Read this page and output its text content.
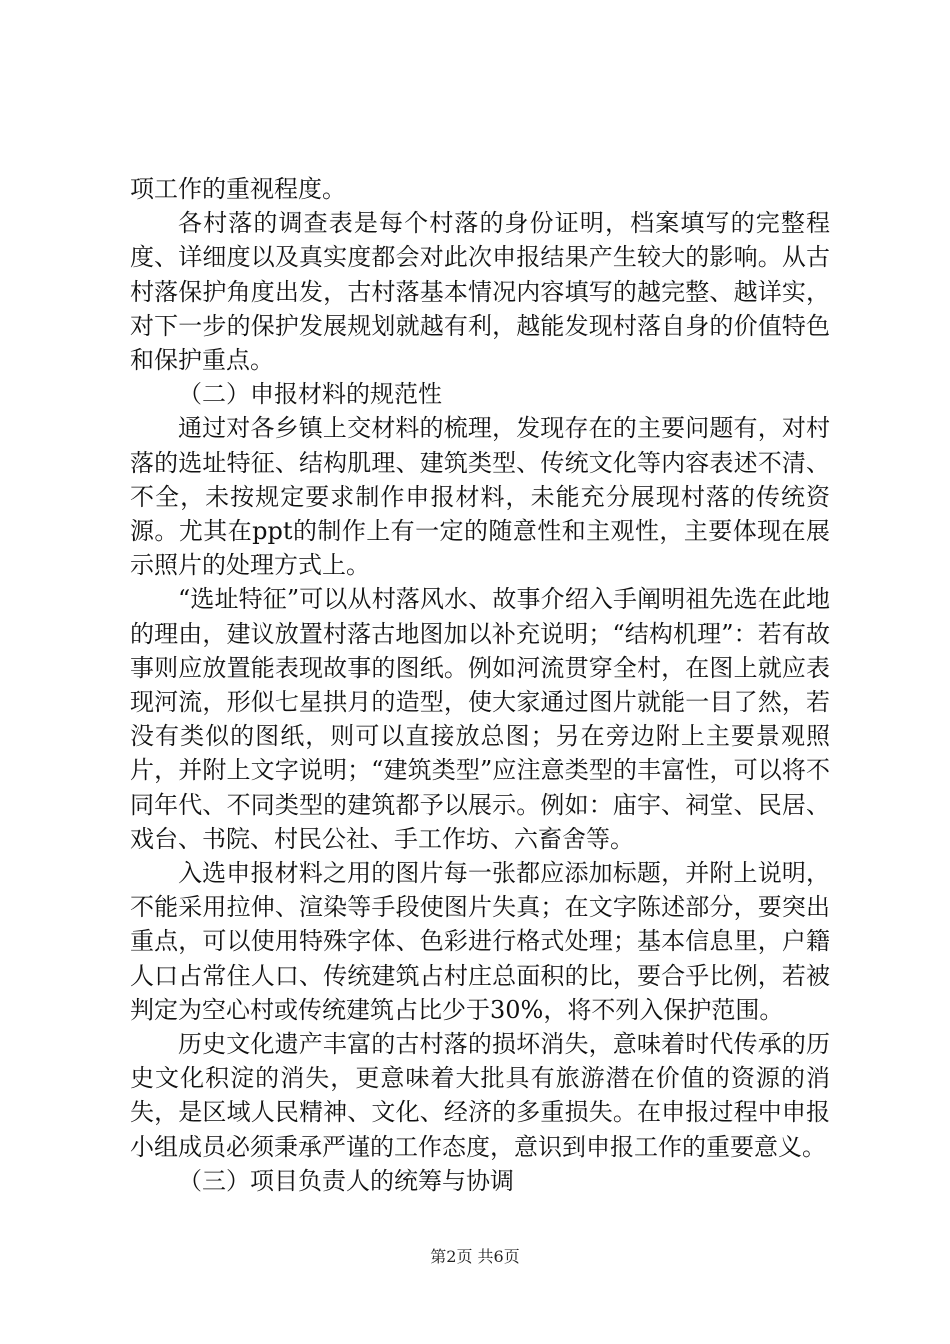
项工作的重视程度。

各村落的调查表是每个村落的身份证明，档案填写的完整程度、详细度以及真实度都会对此次申报结果产生较大的影响。从古村落保护角度出发，古村落基本情况内容填写的越完整、越详实，对下一步的保护发展规划就越有利，越能发现村落自身的价值特色和保护重点。

（二）申报材料的规范性

通过对各乡镇上交材料的梳理，发现存在的主要问题有，对村落的选址特征、结构肌理、建筑类型、传统文化等内容表述不清、不全，未按规定要求制作申报材料，未能充分展现村落的传统资源。尤其在ppt的制作上有一定的随意性和主观性，主要体现在展示照片的处理方式上。

“选址特征”可以从村落风水、故事介绍入手阐明祖先选在此地的理由，建议放置村落古地图加以补充说明；“结构机理”：若有故事则应放置能表现故事的图纸。例如河流贯穿全村，在图上就应表现河流，形似七星拱月的造型，使大家通过图片就能一目了然，若没有类似的图纸，则可以直接放总图；另在旁边附上主要景观照片，并附上文字说明；“建筑类型”应注意类型的丰富性，可以将不同年代、不同类型的建筑都予以展示。例如：庙宇、祠堂、民居、戏台、书院、村民公社、手工作坊、六畜舍等。

入选申报材料之用的图片每一张都应添加标题，并附上说明，不能采用拉伸、渲染等手段使图片失真；在文字陈述部分，要突出重点，可以使用特殊字体、色彩进行格式处理；基本信息里，户籍人口占常住人口、传统建筑占村庄总面积的比，要合乎比例，若被判定为空心村或传统建筑占比少于30%，将不列入保护范围。

历史文化遗产丰富的古村落的损坏消失，意味着时代传承的历史文化积淀的消失，更意味着大批具有旅游潜在价值的资源的消失，是区域人民精神、文化、经济的多重损失。在申报过程中申报小组成员必须秉承严谨的工作态度，意识到申报工作的重要意义。

（三）项目负责人的统筹与协调

第2页 共6页
